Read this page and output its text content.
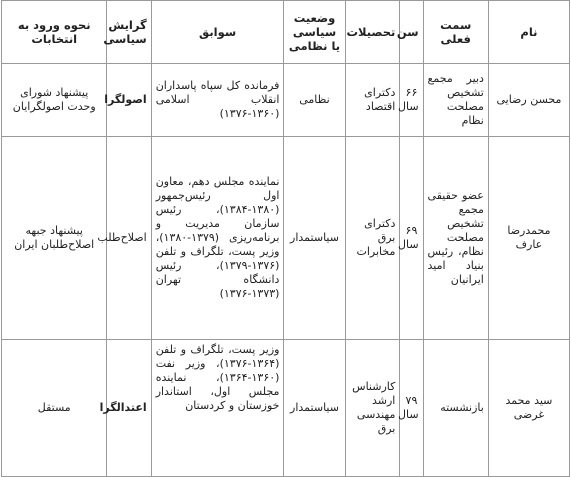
نام	سمت فعلی	سن	تحصیلات	وضعیت سیاسی یا نظامی	سوابق	گرایش سیاسی	نحوه ورود به انتخابات
محسن رضایی	دبیر مجمع تشخیص مصلحت نظام	۶۶ سال	دکترای اقتصاد	نظامی	فرمانده کل سپاه پاسداران انقلاب اسلامی (۱۳۶۰-۱۳۷۶)	اصولگرا	پیشنهاد شورای وحدت اصولگرایان
محمدرضا عارف	عضو حقیقی مجمع تشخیص مصلحت نظام، رئیس بنیاد امید ایرانیان	۶۹ سال	دکترای برق مخابرات	سیاستمدار	نماینده مجلس دهم، معاون اول رئیس‌جمهور (۱۳۸۰-۱۳۸۴)، رئیس سازمان مدیریت و برنامه‌ریزی (۱۳۷۹-۱۳۸۰)، وزیر پست، تلگراف و تلفن (۱۳۷۶-۱۳۷۹)، رئیس دانشگاه تهران (۱۳۷۳-۱۳۷۶)	اصلاح‌طلب	پیشنهاد جبهه اصلاح‌طلبان ایران
سید محمد غرضی	بازنشسته	۷۹ سال	کارشناس ارشد مهندسی برق	سیاستمدار	وزیر پست، تلگراف و تلفن (۱۳۶۴-۱۳۷۶)، وزیر نفت (۱۳۶۰-۱۳۶۴)، نماینده مجلس اول، استاندار خوزستان و کردستان	اعتدالگرا	مستقل
